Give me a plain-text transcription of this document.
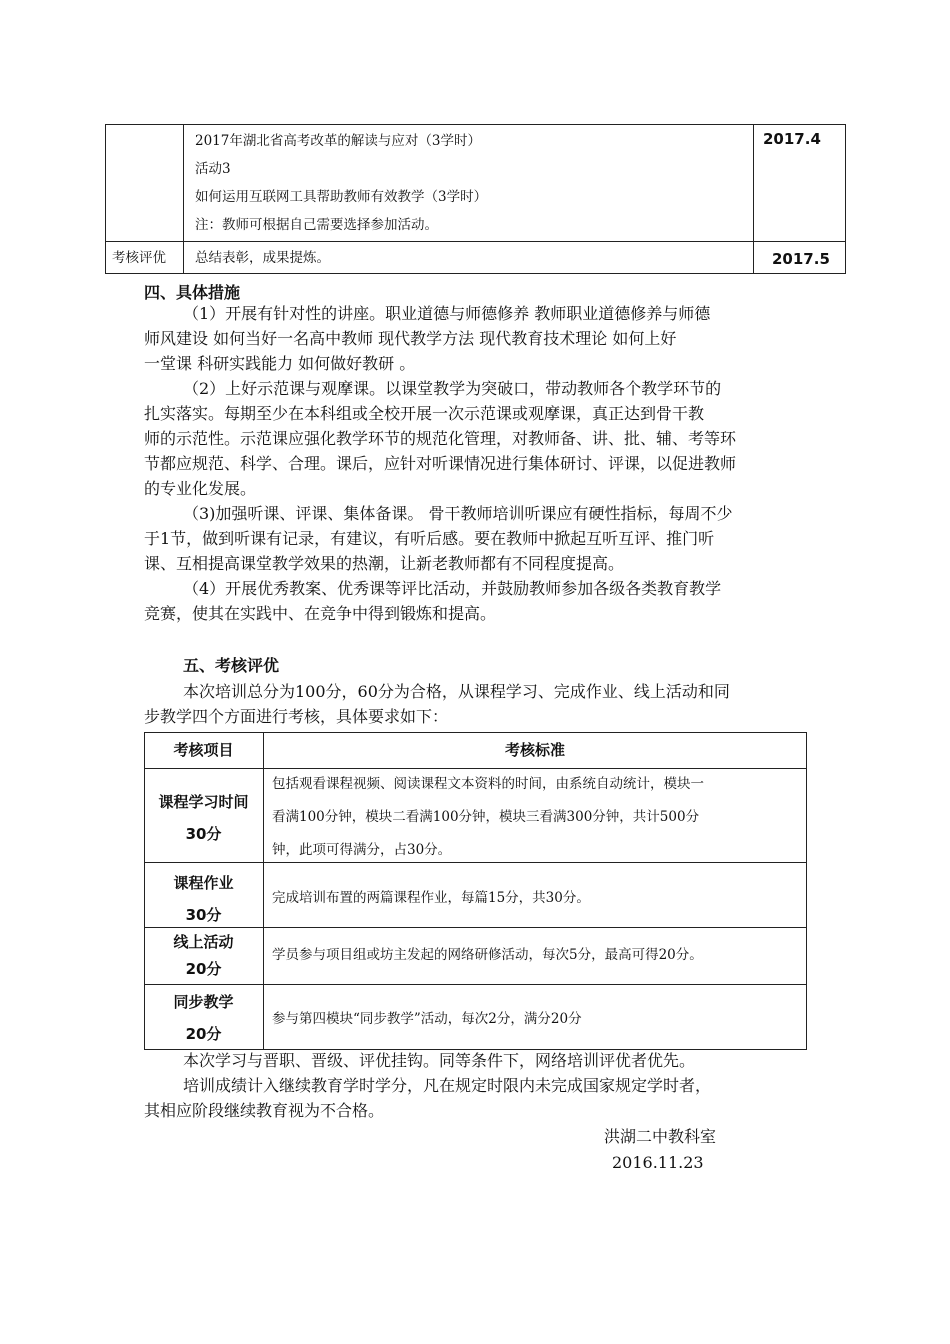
2017年湖北省高考改革的解读与应对（3学时）
活动3
如何运用互联网工具帮助教师有效教学（3学时）
注：教师可根据自己需要选择参加活动。
2017.4
考核评优 总结表彰，成果提炼。	2017.5
四、具体措施
（1）开展有针对性的讲座。职业道德与师德修养 教师职业道德修养与师德
师风建设 如何当好一名高中教师 现代教学方法 现代教育技术理论 如何上好
一堂课 科研实践能力 如何做好教研 。
（2）上好示范课与观摩课。以课堂教学为突破口，带动教师各个教学环节的
扎实落实。每期至少在本科组或全校开展一次示范课或观摩课，真正达到骨干教
师的示范性。示范课应强化教学环节的规范化管理，对教师备、讲、批、辅、考等环
节都应规范、科学、合理。课后，应针对听课情况进行集体研讨、评课，以促进教师
的专业化发展。
（3)加强听课、评课、集体备课。 骨干教师培训听课应有硬性指标，每周不少
于1节，做到听课有记录，有建议，有听后感。要在教师中掀起互听互评、推门听
课、互相提高课堂教学效果的热潮，让新老教师都有不同程度提高。
（4）开展优秀教案、优秀课等评比活动，并鼓励教师参加各级各类教育教学
竞赛，使其在实践中、在竞争中得到锻炼和提高。
五、考核评优
本次培训总分为100分，60分为合格，从课程学习、完成作业、线上活动和同
步教学四个方面进行考核，具体要求如下：
考核项目	考核标准
课程学习时间
30分
包括观看课程视频、阅读课程文本资料的时间，由系统自动统计，模块一
看满100分钟，模块二看满100分钟，模块三看满300分钟，共计500分
钟，此项可得满分，占30分。
课程作业
30分
完成培训布置的两篇课程作业，每篇15分，共30分。
线上活动
20分
学员参与项目组或坊主发起的网络研修活动，每次5分，最高可得20分。
同步教学
20分
参与第四模块“同步教学”活动，每次2分，满分20分
本次学习与晋职、晋级、评优挂钩。同等条件下，网络培训评优者优先。
培训成绩计入继续教育学时学分，凡在规定时限内未完成国家规定学时者，
其相应阶段继续教育视为不合格。
洪湖二中教科室
2016.11.23
